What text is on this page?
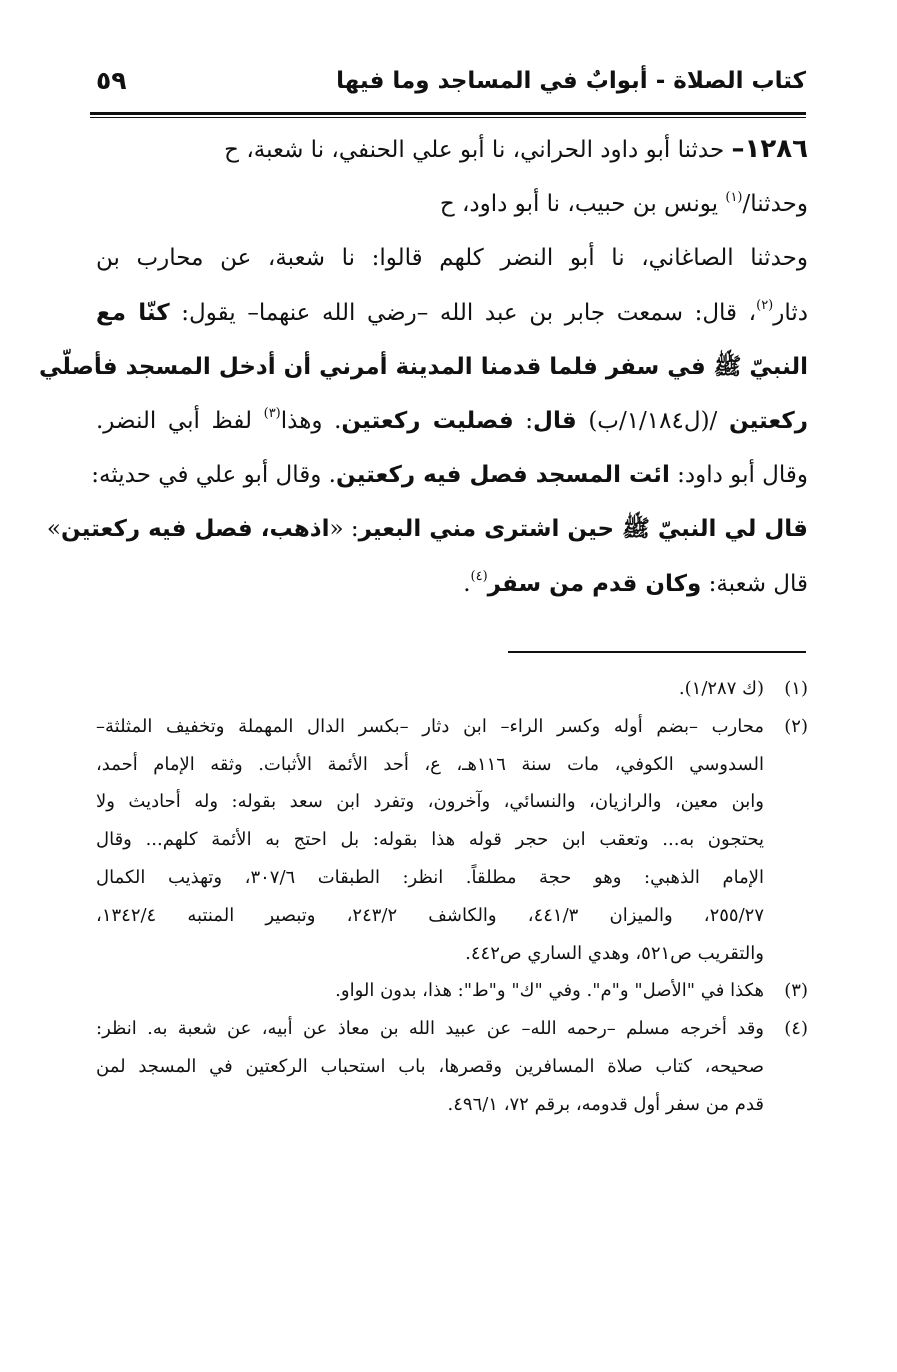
كتاب الصلاة - أبوابٌ في المساجد وما فيها
٥٩
١٢٨٦– حدثنا أبو داود الحراني، نا أبو علي الحنفي، نا شعبة، ح
وحدثنا/$^{(١)}$ يونس بن حبيب، نا أبو داود، ح
وحدثنا الصاغاني، نا أبو النضر كلهم قالوا: نا شعبة، عن محارب بن
دثار$^{(٢)}$، قال: سمعت جابر بن عبد الله –رضي الله عنهما– يقول: كنّا مع
النبيّ ﷺ في سفر فلما قدمنا المدينة أمرني أن أدخل المسجد فأصلّي
ركعتين /(ل١/١٨٤/ب) قال: فصليت ركعتين. وهذا$^{(٣)}$ لفظ أبي النضر.
وقال أبو داود: ائت المسجد فصل فيه ركعتين. وقال أبو علي في حديثه:
قال لي النبيّ ﷺ حين اشترى مني البعير: «اذهب، فصل فيه ركعتين»
قال شعبة: وكان قدم من سفر$^{(٤)}$.
(١)
(ك ١/٢٨٧).
(٢)
محارب –بضم أوله وكسر الراء– ابن دثار –بكسر الدال المهملة وتخفيف المثلثة–
السدوسي الكوفي، مات سنة ١١٦هـ، ع، أحد الأئمة الأثبات. وثقه الإمام أحمد،
وابن معين، والرازيان، والنسائي، وآخرون، وتفرد ابن سعد بقوله: وله أحاديث ولا
يحتجون به... وتعقب ابن حجر قوله هذا بقوله: بل احتج به الأئمة كلهم... وقال
الإمام الذهبي: وهو حجة مطلقاً. انظر: الطبقات ٣٠٧/٦، وتهذيب الكمال
٢٥٥/٢٧، والميزان ٤٤١/٣، والكاشف ٢٤٣/٢، وتبصير المنتبه ١٣٤٢/٤،
والتقريب ص٥٢١، وهدي الساري ص٤٤٢.
(٣)
هكذا في "الأصل" و"م". وفي "ك" و"ط": هذا، بدون الواو.
(٤)
وقد أخرجه مسلم –رحمه الله– عن عبيد الله بن معاذ عن أبيه، عن شعبة به. انظر:
صحيحه، كتاب صلاة المسافرين وقصرها، باب استحباب الركعتين في المسجد لمن
قدم من سفر أول قدومه، برقم ٧٢، ٤٩٦/١.
